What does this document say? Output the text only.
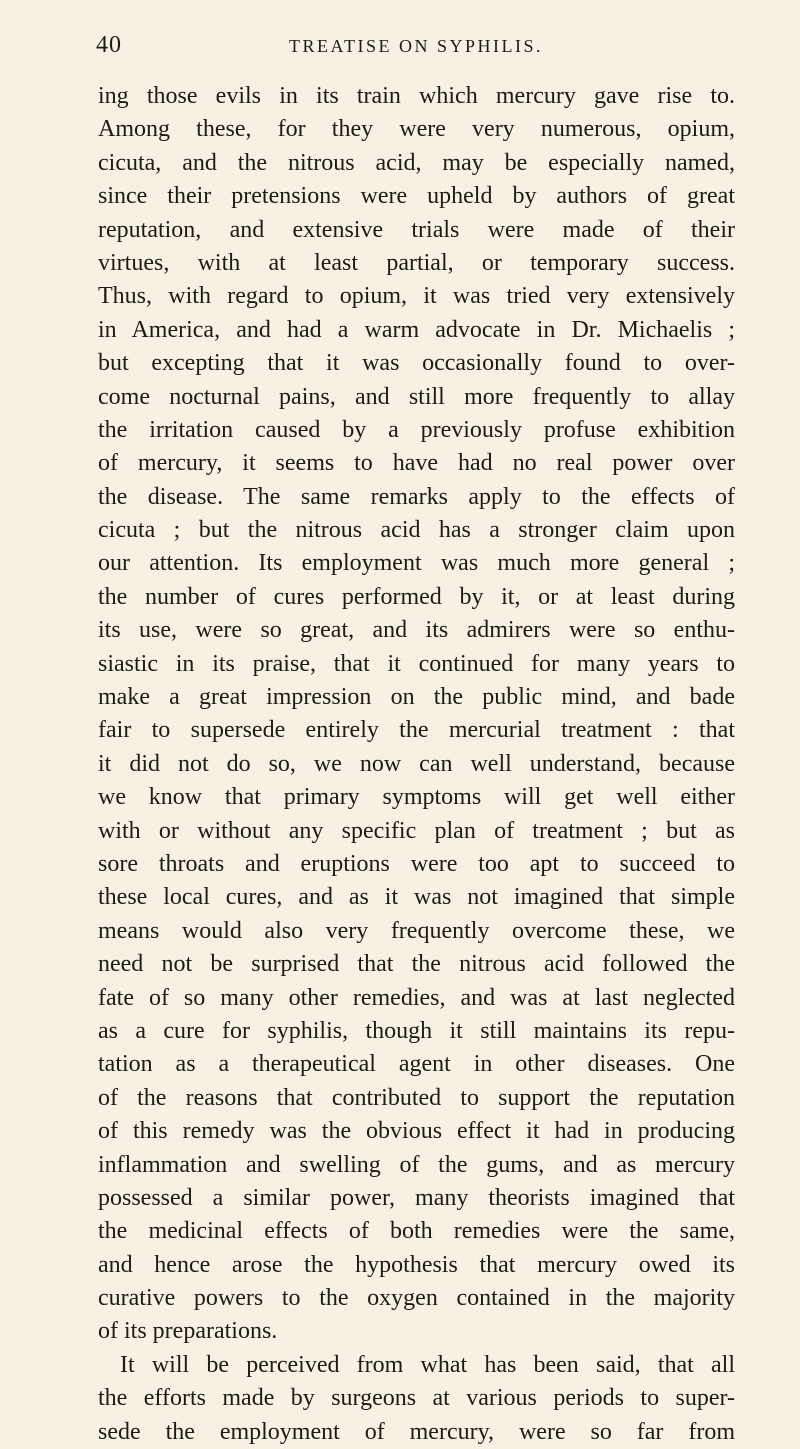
40	TREATISE ON SYPHILIS.
ing those evils in its train which mercury gave rise to.
Among these, for they were very numerous, opium,
cicuta, and the nitrous acid, may be especially named,
since their pretensions were upheld by authors of great
reputation, and extensive trials were made of their
virtues, with at least partial, or temporary success.
Thus, with regard to opium, it was tried very extensively
in America, and had a warm advocate in Dr. Michaelis ;
but excepting that it was occasionally found to over-
come nocturnal pains, and still more frequently to allay
the irritation caused by a previously profuse exhibition
of mercury, it seems to have had no real power over
the disease. The same remarks apply to the effects of
cicuta ; but the nitrous acid has a stronger claim upon
our attention. Its employment was much more general ;
the number of cures performed by it, or at least during
its use, were so great, and its admirers were so enthu-
siastic in its praise, that it continued for many years to
make a great impression on the public mind, and bade
fair to supersede entirely the mercurial treatment : that
it did not do so, we now can well understand, because
we know that primary symptoms will get well either
with or without any specific plan of treatment ; but as
sore throats and eruptions were too apt to succeed to
these local cures, and as it was not imagined that simple
means would also very frequently overcome these, we
need not be surprised that the nitrous acid followed the
fate of so many other remedies, and was at last neglected
as a cure for syphilis, though it still maintains its repu-
tation as a therapeutical agent in other diseases. One
of the reasons that contributed to support the reputation
of this remedy was the obvious effect it had in producing
inflammation and swelling of the gums, and as mercury
possessed a similar power, many theorists imagined that
the medicinal effects of both remedies were the same,
and hence arose the hypothesis that mercury owed its
curative powers to the oxygen contained in the majority
of its preparations.
It will be perceived from what has been said, that all
the efforts made by surgeons at various periods to super-
sede the employment of mercury, were so far from
